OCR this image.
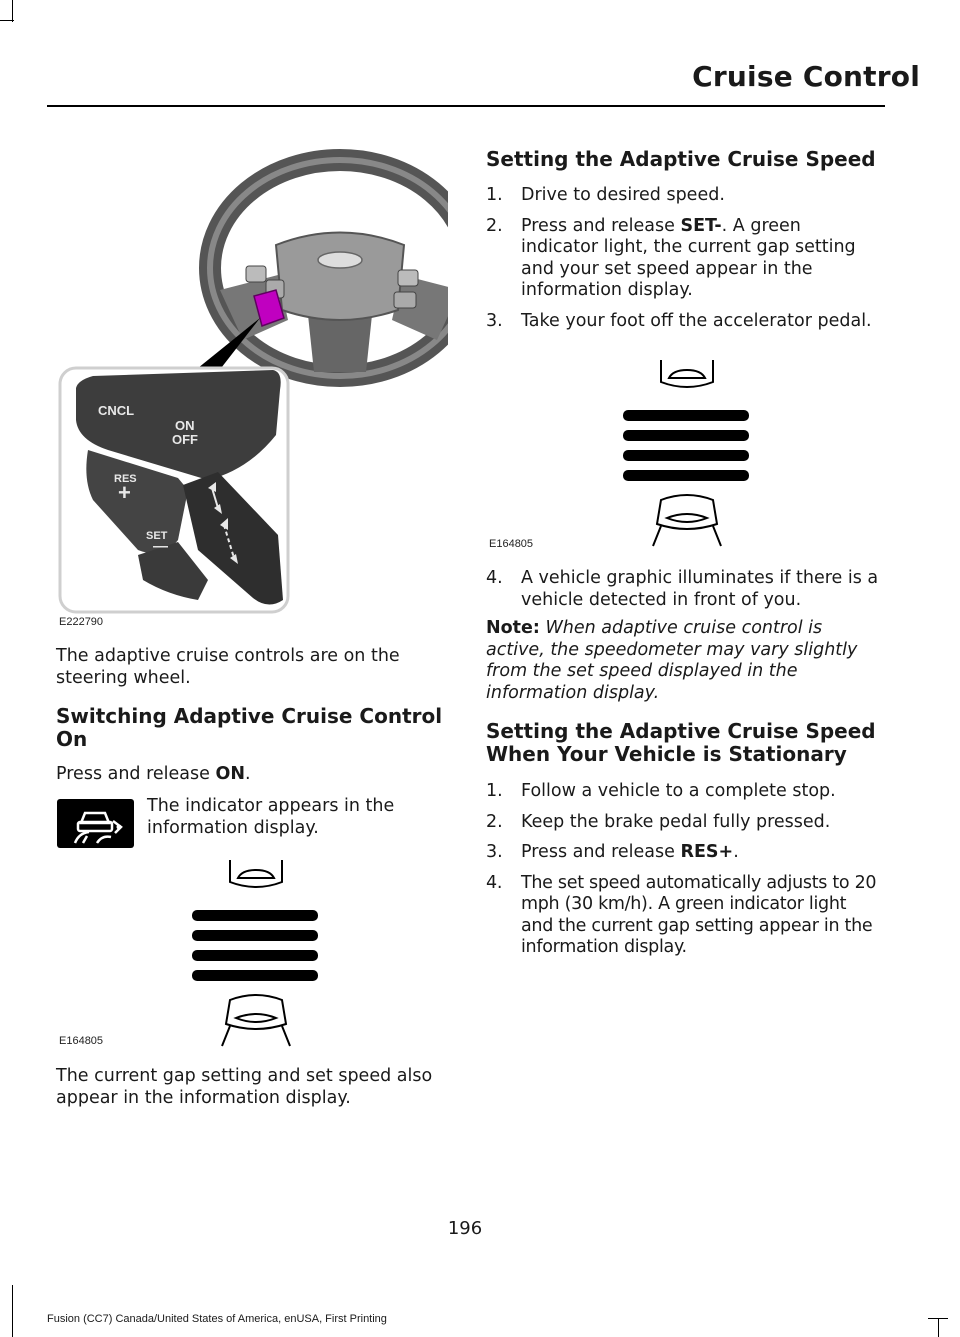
Cruise Control
CNCL
ON
OFF
RES
+
SET
—
E222790
The adaptive cruise controls are on the steering wheel.
Switching Adaptive Cruise Control On
Press and release ON.
The indicator appears in the information display.
E164805
The current gap setting and set speed also appear in the information display.
Setting the Adaptive Cruise Speed
1. Drive to desired speed.
2. Press and release SET-. A green indicator light, the current gap setting and your set speed appear in the information display.
3. Take your foot off the accelerator pedal.
E164805
4. A vehicle graphic illuminates if there is a vehicle detected in front of you.
Note: When adaptive cruise control is active, the speedometer may vary slightly from the set speed displayed in the information display.
Setting the Adaptive Cruise Speed When Your Vehicle is Stationary
1. Follow a vehicle to a complete stop.
2. Keep the brake pedal fully pressed.
3. Press and release RES+.
4. The set speed automatically adjusts to 20 mph (30 km/h). A green indicator light and the current gap setting appear in the information display.
196
Fusion (CC7) Canada/United States of America, enUSA, First Printing
